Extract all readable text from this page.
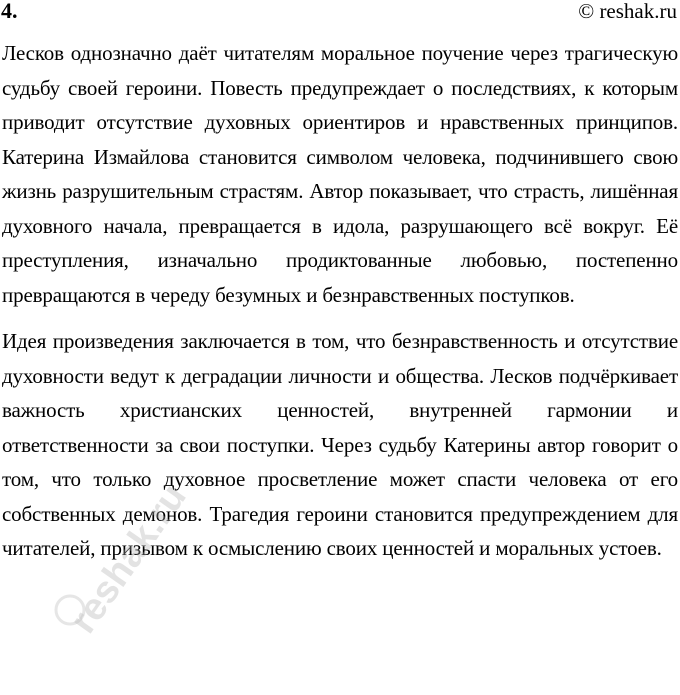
4.	© reshak.ru

Лесков однозначно даёт читателям моральное поучение через трагическую судьбу своей героини. Повесть предупреждает о последствиях, к которым приводит отсутствие духовных ориентиров и нравственных принципов. Катерина Измайлова становится символом человека, подчинившего свою жизнь разрушительным страстям. Автор показывает, что страсть, лишённая духовного начала, превращается в идола, разрушающего всё вокруг. Её преступления, изначально продиктованные любовью, постепенно превращаются в череду безумных и безнравственных поступков.

Идея произведения заключается в том, что безнравственность и отсутствие духовности ведут к деградации личности и общества. Лесков подчёркивает важность христианских ценностей, внутренней гармонии и ответственности за свои поступки. Через судьбу Катерины автор говорит о том, что только духовное просветление может спасти человека от его собственных демонов. Трагедия героини становится предупреждением для читателей, призывом к осмыслению своих ценностей и моральных устоев.

reshak.ru
